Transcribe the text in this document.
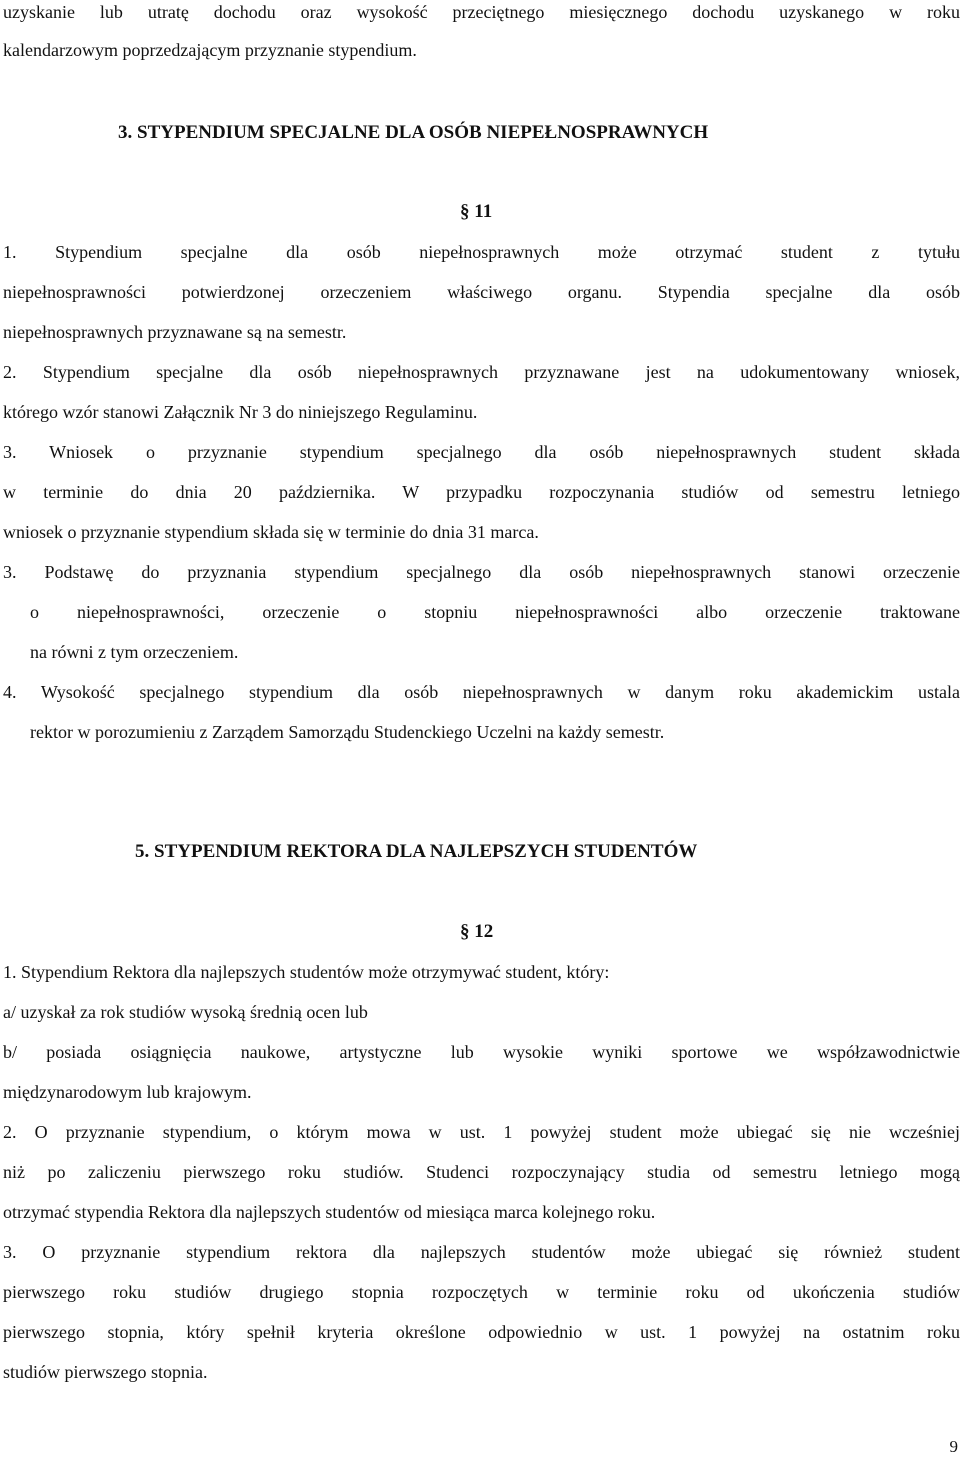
uzyskanie lub utratę dochodu oraz wysokość przeciętnego miesięcznego dochodu uzyskanego w roku
kalendarzowym poprzedzającym przyznanie stypendium.
3. STYPENDIUM SPECJALNE DLA OSÓB NIEPEŁNOSPRAWNYCH
§ 11
1. Stypendium specjalne dla osób niepełnosprawnych może otrzymać student z tytułu
niepełnosprawności potwierdzonej orzeczeniem właściwego organu. Stypendia specjalne dla osób
niepełnosprawnych przyznawane są na semestr.
2. Stypendium specjalne dla osób niepełnosprawnych przyznawane jest na udokumentowany wniosek,
którego wzór stanowi Załącznik Nr 3 do niniejszego Regulaminu.
3. Wniosek o przyznanie stypendium specjalnego dla osób niepełnosprawnych student składa
w terminie do dnia 20 października. W przypadku rozpoczynania studiów od semestru letniego
wniosek o przyznanie stypendium składa się w terminie do dnia 31 marca.
3. Podstawę do przyznania stypendium specjalnego dla osób niepełnosprawnych stanowi orzeczenie
o niepełnosprawności, orzeczenie o stopniu niepełnosprawności albo orzeczenie traktowane
na równi z tym orzeczeniem.
4. Wysokość specjalnego stypendium dla osób niepełnosprawnych w danym roku akademickim ustala
rektor w porozumieniu z Zarządem Samorządu Studenckiego Uczelni na każdy semestr.
5. STYPENDIUM REKTORA DLA NAJLEPSZYCH STUDENTÓW
§ 12
1. Stypendium Rektora dla najlepszych studentów może otrzymywać student, który:
a/ uzyskał za rok studiów wysoką średnią ocen lub
b/ posiada osiągnięcia naukowe, artystyczne lub wysokie wyniki sportowe we współzawodnictwie
międzynarodowym lub krajowym.
2. O przyznanie stypendium, o którym mowa w ust. 1 powyżej student może ubiegać się nie wcześniej
niż po zaliczeniu pierwszego roku studiów. Studenci rozpoczynający studia od semestru letniego mogą
otrzymać stypendia Rektora dla najlepszych studentów od miesiąca marca kolejnego roku.
3. O przyznanie stypendium rektora dla najlepszych studentów może ubiegać się również student
pierwszego roku studiów drugiego stopnia rozpoczętych w terminie roku od ukończenia studiów
pierwszego stopnia, który spełnił kryteria określone odpowiednio w ust. 1 powyżej na ostatnim roku
studiów pierwszego stopnia.
9
